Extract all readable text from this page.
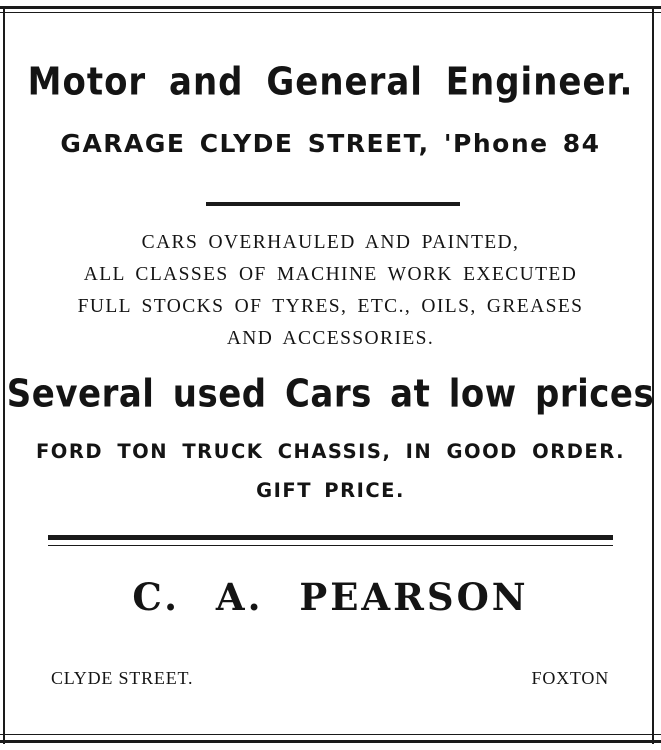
Motor and General Engineer.
GARAGE CLYDE STREET, 'Phone 84
CARS OVERHAULED AND PAINTED,
ALL CLASSES OF MACHINE WORK EXECUTED
FULL STOCKS OF TYRES, ETC., OILS, GREASES
AND ACCESSORIES.
Several used Cars at low prices
FORD TON TRUCK CHASSIS, IN GOOD ORDER.
GIFT PRICE.
C. A. PEARSON
CLYDE STREET.	FOXTON
